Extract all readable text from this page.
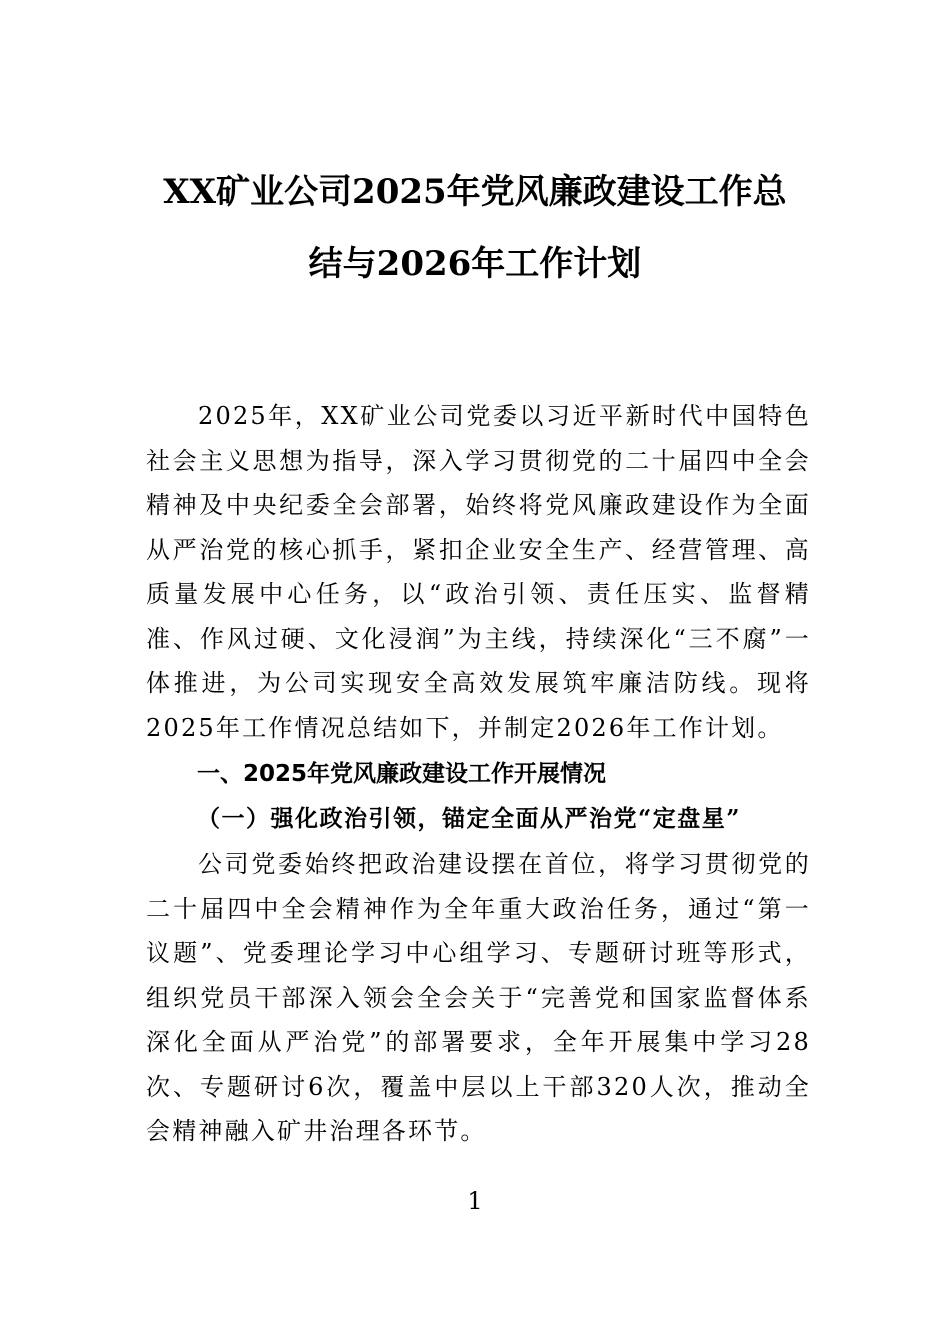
XX矿业公司2025年党风廉政建设工作总
结与2026年工作计划

2025年，XX矿业公司党委以习近平新时代中国特色社会主义思想为指导，深入学习贯彻党的二十届四中全会精神及中央纪委全会部署，始终将党风廉政建设作为全面从严治党的核心抓手，紧扣企业安全生产、经营管理、高质量发展中心任务，以“政治引领、责任压实、监督精准、作风过硬、文化浸润”为主线，持续深化“三不腐”一体推进，为公司实现安全高效发展筑牢廉洁防线。现将2025年工作情况总结如下，并制定2026年工作计划。

一、2025年党风廉政建设工作开展情况
（一）强化政治引领，锚定全面从严治党“定盘星”

公司党委始终把政治建设摆在首位，将学习贯彻党的二十届四中全会精神作为全年重大政治任务，通过“第一议题”、党委理论学习中心组学习、专题研讨班等形式，组织党员干部深入领会全会关于“完善党和国家监督体系深化全面从严治党”的部署要求，全年开展集中学习28次、专题研讨6次，覆盖中层以上干部320人次，推动全会精神融入矿井治理各环节。

1
